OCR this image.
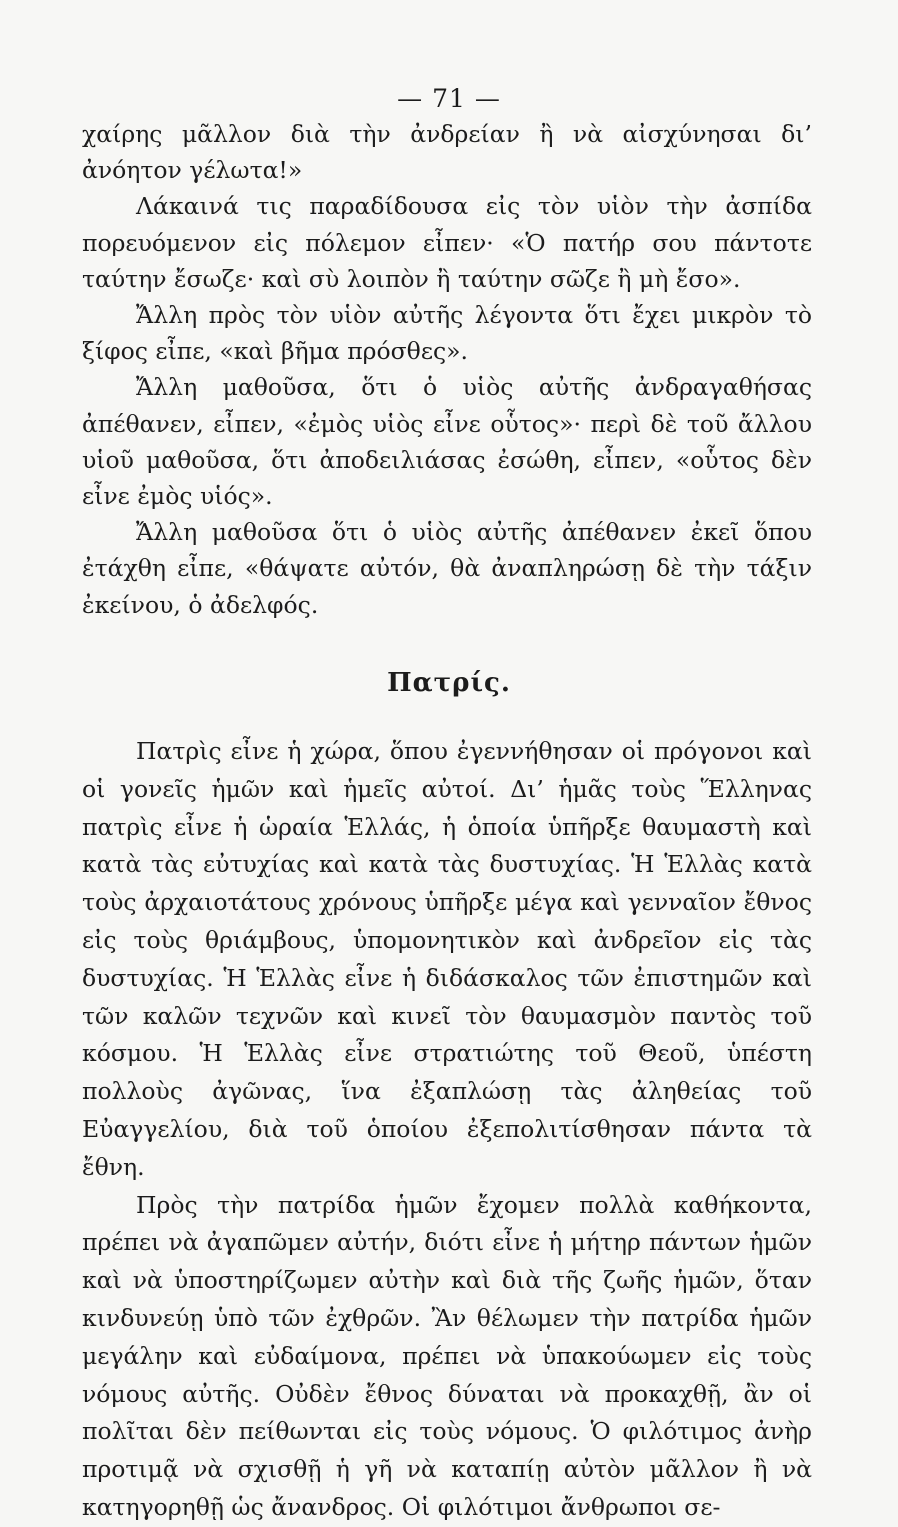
— 71 —

χαίρης μᾶλλον διὰ τὴν ἀνδρείαν ἢ νὰ αἰσχύνησαι δι’ ἀνόητον γέλωτα!»

Λάκαινά τις παραδίδουσα εἰς τὸν υἱὸν τὴν ἀσπίδα πορευόμενον εἰς πόλεμον εἶπεν· «Ὁ πατήρ σου πάντοτε ταύτην ἔσωζε· καὶ σὺ λοιπὸν ἢ ταύτην σῶζε ἢ μὴ ἔσο».

Ἄλλη πρὸς τὸν υἱὸν αὐτῆς λέγοντα ὅτι ἔχει μικρὸν τὸ ξίφος εἶπε, «καὶ βῆμα πρόσθες».

Ἄλλη μαθοῦσα, ὅτι ὁ υἱὸς αὐτῆς ἀνδραγαθήσας ἀπέθανεν, εἶπεν, «ἐμὸς υἱὸς εἶνε οὗτος»· περὶ δὲ τοῦ ἄλλου υἱοῦ μαθοῦσα, ὅτι ἀποδειλιάσας ἐσώθη, εἶπεν, «οὗτος δὲν εἶνε ἐμὸς υἱός».

Ἄλλη μαθοῦσα ὅτι ὁ υἱὸς αὐτῆς ἀπέθανεν ἐκεῖ ὅπου ἐτάχθη εἶπε, «θάψατε αὐτόν, θὰ ἀναπληρώσῃ δὲ τὴν τάξιν ἐκείνου, ὁ ἀδελφός.

Πατρίς.

Πατρὶς εἶνε ἡ χώρα, ὅπου ἐγεννήθησαν οἱ πρόγονοι καὶ οἱ γονεῖς ἡμῶν καὶ ἡμεῖς αὐτοί. Δι’ ἡμᾶς τοὺς Ἕλληνας πατρὶς εἶνε ἡ ὡραία Ἑλλάς, ἡ ὁποία ὑπῆρξε θαυμαστὴ καὶ κατὰ τὰς εὐτυχίας καὶ κατὰ τὰς δυστυχίας. Ἡ Ἑλλὰς κατὰ τοὺς ἀρχαιοτάτους χρόνους ὑπῆρξε μέγα καὶ γενναῖον ἔθνος εἰς τοὺς θριάμβους, ὑπομονητικὸν καὶ ἀνδρεῖον εἰς τὰς δυστυχίας. Ἡ Ἑλλὰς εἶνε ἡ διδάσκαλος τῶν ἐπιστημῶν καὶ τῶν καλῶν τεχνῶν καὶ κινεῖ τὸν θαυμασμὸν παντὸς τοῦ κόσμου. Ἡ Ἑλλὰς εἶνε στρατιώτης τοῦ Θεοῦ, ὑπέστη πολλοὺς ἀγῶνας, ἵνα ἐξαπλώσῃ τὰς ἀληθείας τοῦ Εὐαγγελίου, διὰ τοῦ ὁποίου ἐξεπολιτίσθησαν πάντα τὰ ἔθνη.

Πρὸς τὴν πατρίδα ἡμῶν ἔχομεν πολλὰ καθήκοντα, πρέπει νὰ ἀγαπῶμεν αὐτήν, διότι εἶνε ἡ μήτηρ πάντων ἡμῶν καὶ νὰ ὑποστηρίζωμεν αὐτὴν καὶ διὰ τῆς ζωῆς ἡμῶν, ὅταν κινδυνεύῃ ὑπὸ τῶν ἐχθρῶν. Ἂν θέλωμεν τὴν πατρίδα ἡμῶν μεγάλην καὶ εὐδαίμονα, πρέπει νὰ ὑπακούωμεν εἰς τοὺς νόμους αὐτῆς. Οὐδὲν ἔθνος δύναται νὰ προκαχθῇ, ἂν οἱ πολῖται δὲν πείθωνται εἰς τοὺς νόμους. Ὁ φιλότιμος ἀνὴρ προτιμᾷ νὰ σχισθῇ ἡ γῆ νὰ καταπίῃ αὐτὸν μᾶλλον ἢ νὰ κατηγορηθῇ ὡς ἄνανδρος. Οἱ φιλότιμοι ἄνθρωποι σε-
